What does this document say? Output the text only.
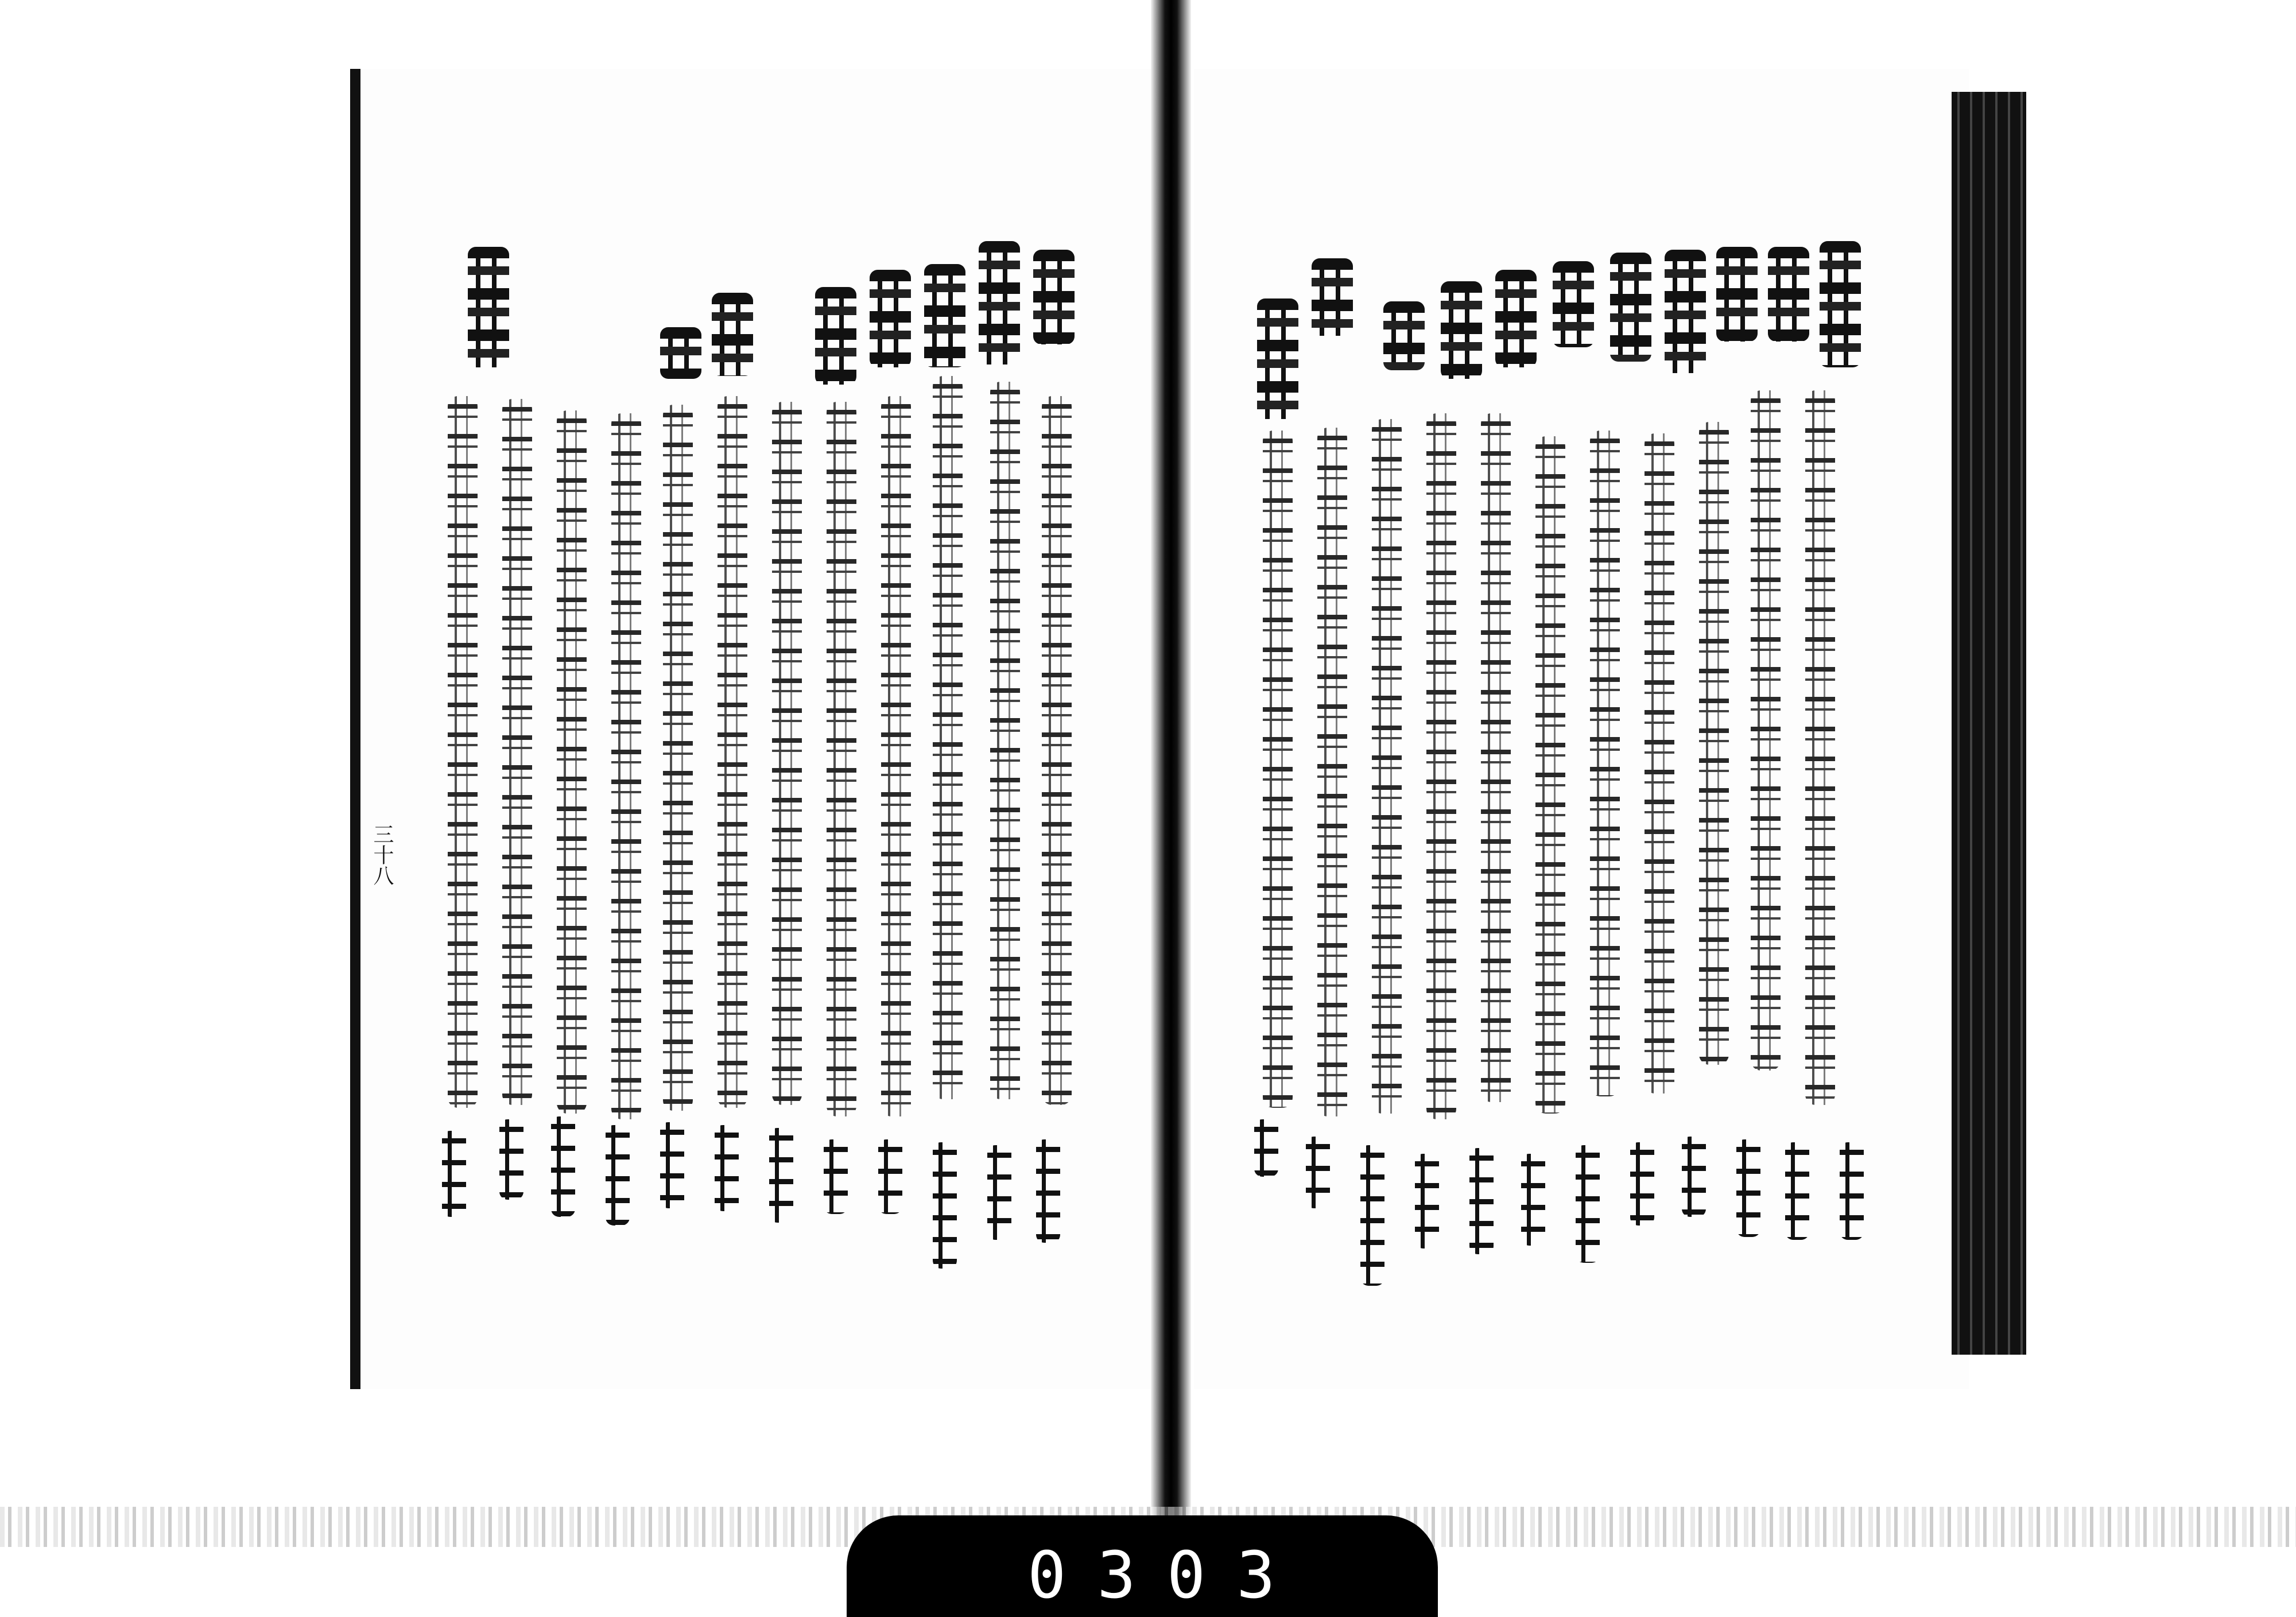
三十八
0303
